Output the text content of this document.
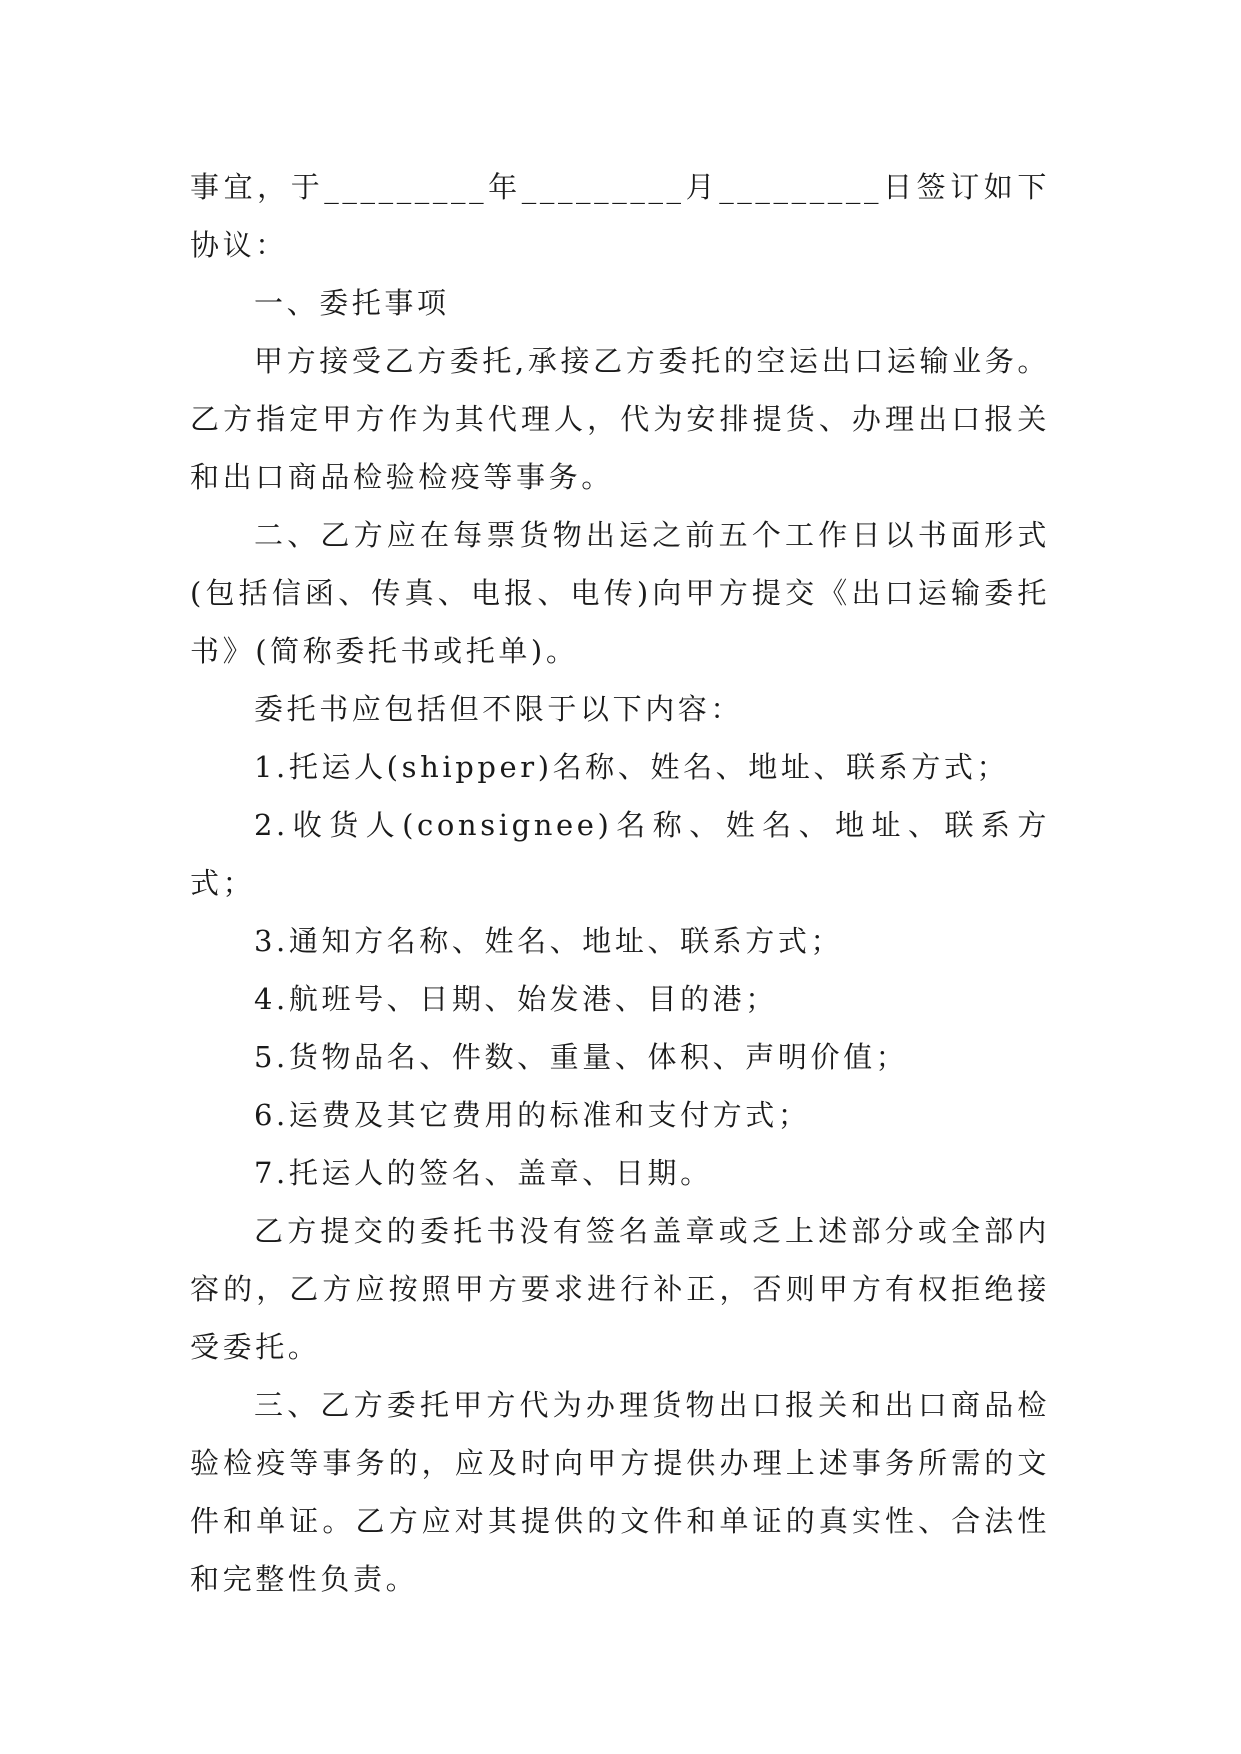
事宜，于_________年_________月_________日签订如下协议：

一、委托事项

甲方接受乙方委托,承接乙方委托的空运出口运输业务。乙方指定甲方作为其代理人，代为安排提货、办理出口报关和出口商品检验检疫等事务。

二、乙方应在每票货物出运之前五个工作日以书面形式(包括信函、传真、电报、电传)向甲方提交《出口运输委托书》(简称委托书或托单)。

委托书应包括但不限于以下内容：

1.托运人(shipper)名称、姓名、地址、联系方式；

2.收货人(consignee)名称、姓名、地址、联系方式；

3.通知方名称、姓名、地址、联系方式；

4.航班号、日期、始发港、目的港；

5.货物品名、件数、重量、体积、声明价值；

6.运费及其它费用的标准和支付方式；

7.托运人的签名、盖章、日期。

乙方提交的委托书没有签名盖章或乏上述部分或全部内容的，乙方应按照甲方要求进行补正，否则甲方有权拒绝接受委托。

三、乙方委托甲方代为办理货物出口报关和出口商品检验检疫等事务的，应及时向甲方提供办理上述事务所需的文件和单证。乙方应对其提供的文件和单证的真实性、合法性和完整性负责。
